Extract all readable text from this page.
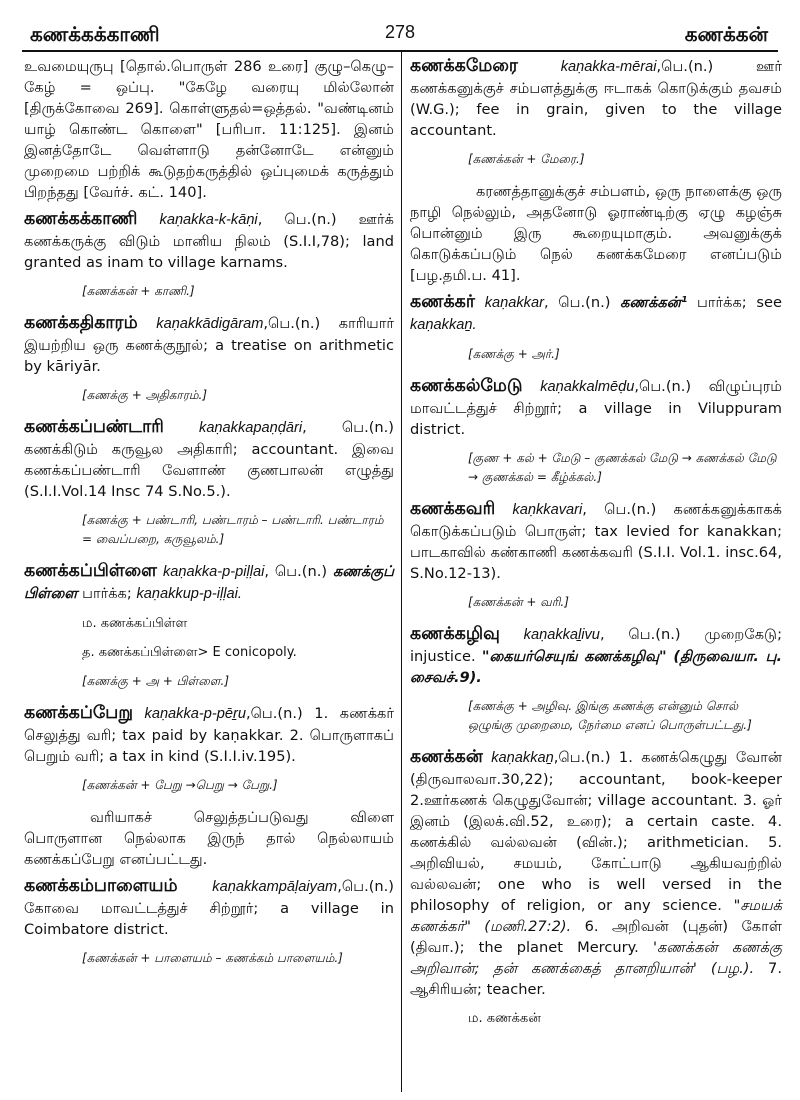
கணக்கக்காணி	278	கணக்கன்
உவமையுருபு [தொல்.பொருள் 286 உரை] குழு–கெழு–கேழ் = ஒப்பு. "கேழே வரையு மில்லோன் [திருக்கோவை 269]. கொள்ளுதல்=ஒத்தல். "வண்டினம் யாழ் கொண்ட கொளை" [பரிபா. 11:125]. இனம் இனத்தோடே வெள்ளாடு தன்னோடே என்னும் முறைமை பற்றிக் கூடுதற்கருத்தில் ஒப்புமைக் கருத்தும் பிறந்தது [வேர்ச். கட். 140].
கணக்கக்காணி kaṇakka-k-kāṇi, பெ.(n.) ஊர்க் கணக்கருக்கு விடும் மானிய நிலம் (S.I.I,78); land granted as inam to village karnams.
[கணக்கன் + காணி.]
கணக்கதிகாரம் kaṇakkādigāram,பெ.(n.) காரியார் இயற்றிய ஒரு கணக்குநூல்; a treatise on arithmetic by kāriyār.
[கணக்கு + அதிகாரம்.]
கணக்கப்பண்டாரி kaṇakkapaṇḍāri, பெ.(n.) கணக்கிடும் கருவூல அதிகாரி; accountant. இவை கணக்கப்பண்டாரி வேளாண் குணபாலன் எழுத்து (S.I.I.Vol.14 Insc 74 S.No.5.).
[கணக்கு + பண்டாரி, பண்டாரம் – பண்டாரி. பண்டாரம் = வைப்பறை, கருவூலம்.]
கணக்கப்பிள்ளை kaṇakka-p-piḷḷai, பெ.(n.) கணக்குப் பிள்ளை பார்க்க; kaṇakkup-p-iḷḷai.
ம. கணக்கப்பிள்ள
த. கணக்கப்பிள்ளை> E conicopoly.
[கணக்கு + அ + பிள்ளை.]
கணக்கப்பேறு kaṇakka-p-pēṟu,பெ.(n.) 1. கணக்கர் செலுத்து வரி; tax paid by kaṇakkar. 2. பொருளாகப் பெறும் வரி; a tax in kind (S.I.I.iv.195).
[கணக்கன் + பேறு →பெறு → பேறு.]
வரியாகச் செலுத்தப்படுவது விளை பொருளான நெல்லாக இருந் தால் நெல்லாயம் கணக்கப்பேறு எனப்பட்டது.
கணக்கம்பாளையம் kaṇakkampāḷaiyam,பெ.(n.) கோவை மாவட்டத்துச் சிற்றூர்; a village in Coimbatore district.
[கணக்கன் + பாளையம் – கணக்கம் பாளையம்.]
கணக்கமேரை	kaṇakka-mērai,பெ.(n.) ஊர் கணக்கனுக்குச் சம்பளத்துக்கு ஈடாகக் கொடுக்கும் தவசம் (W.G.); fee in grain, given to the village accountant.
[கணக்கன் + மேரை.]
கரணத்தானுக்குச் சம்பளம், ஒரு நாளைக்கு ஒரு நாழி நெல்லும், அதனோடு ஓராண்டிற்கு ஏழு கழஞ்சு பொன்னும் இரு கூறையுமாகும். அவனுக்குக் கொடுக்கப்படும் நெல் கணக்கமேரை எனப்படும் [பழ.தமி.ப. 41].
கணக்கர் kaṇakkar, பெ.(n.) கணக்கன்¹ பார்க்க; see kaṇakkaṉ.
[கணக்கு + அர்.]
கணக்கல்மேடு kaṇakkalmēḍu,பெ.(n.) விழுப்புரம் மாவட்டத்துச் சிற்றூர்; a village in Viluppuram district.
[குண + கல் + மேடு – குணக்கல் மேடு → கணக்கல் மேடு → குணக்கல் = கீழ்க்கல்.]
கணக்கவரி kaṇkkavari, பெ.(n.) கணக்கனுக்காகக் கொடுக்கப்படும் பொருள்; tax levied for kanakkan; பாடகாவில் கண்காணி கணக்கவரி (S.I.I. Vol.1. insc.64, S.No.12-13).
[கணக்கன் + வரி.]
கணக்கழிவு kaṇakkaḻivu, பெ.(n.) முறைகேடு; injustice. "கையர்செயுங் கணக்கழிவு" (திருவையா. பு. சைவச்.9).
[கணக்கு + அழிவு. இங்கு கணக்கு என்னும் சொல் ஒழுங்கு முறைமை, நேர்மை எனப் பொருள்பட்டது.]
கணக்கன் kaṇakkaṉ,பெ.(n.) 1. கணக்கெழுது வோன் (திருவாலவா.30,22); accountant, book-keeper 2.ஊர்கணக் கெழுதுவோன்; village accountant. 3. ஓர் இனம் (இலக்.வி.52, உரை); a certain caste. 4. கணக்கில் வல்லவன் (வின்.); arithmetician. 5. அறிவியல், சமயம், கோட்பாடு ஆகியவற்றில் வல்லவன்; one who is well versed in the philosophy of religion, or any science. "சமயக் கணக்கர்" (மணி.27:2). 6. அறிவன் (புதன்) கோள் (திவா.); the planet Mercury. 'கணக்கன் கணக்கு அறிவான்; தன் கணக்கைத் தானறியான்' (பழ.). 7. ஆசிரியன்; teacher.
ம. கணக்கன்
